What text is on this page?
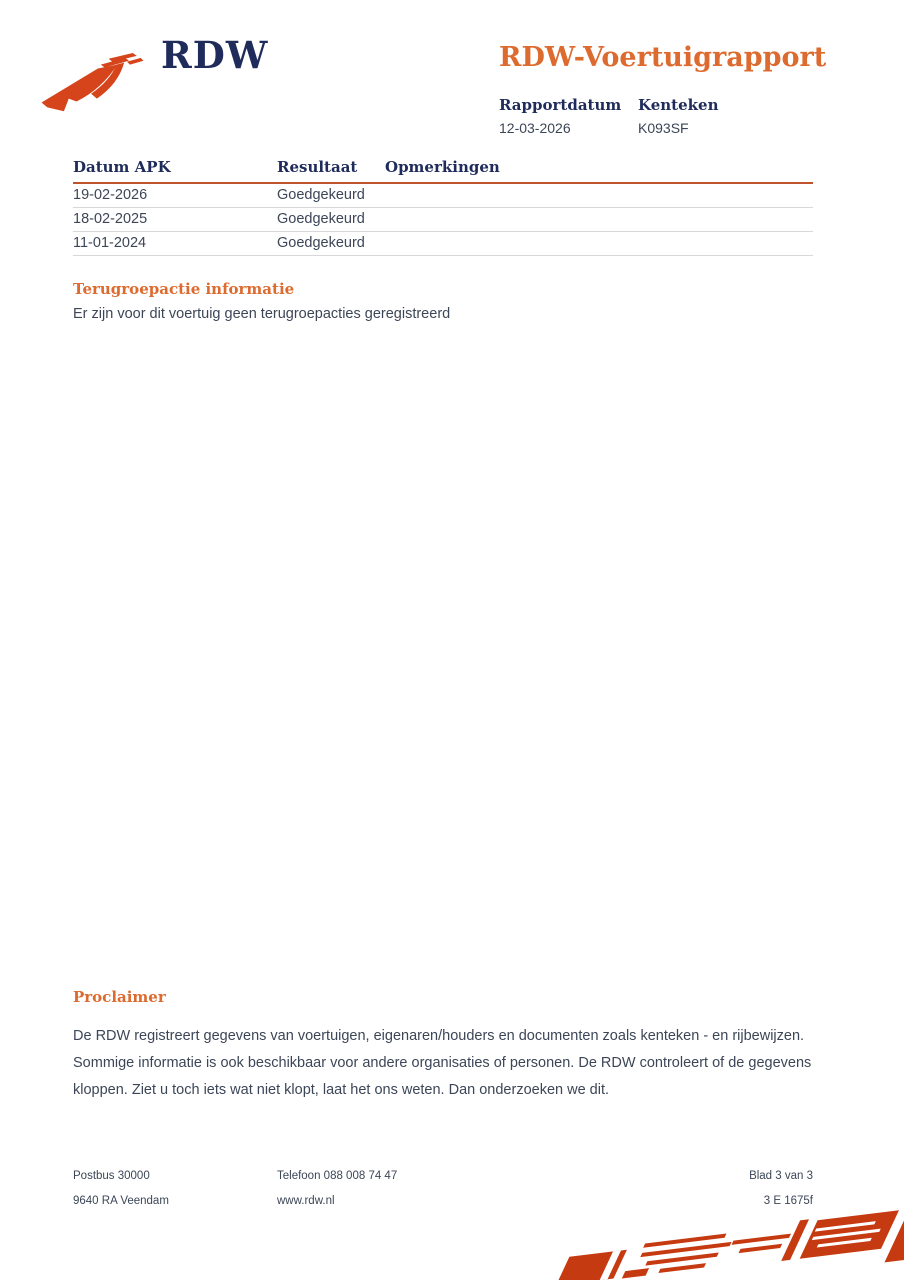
RDW	RDW-Voertuigrapport
Rapportdatum
12-03-2026
Kenteken
K093SF
Datum APK	Resultaat	Opmerkingen
19-02-2026	Goedgekeurd	
18-02-2025	Goedgekeurd	
11-01-2024	Goedgekeurd	
Terugroepactie informatie

Er zijn voor dit voertuig geen terugroepacties geregistreerd

Proclaimer

De RDW registreert gegevens van voertuigen, eigenaren/houders en documenten zoals kenteken - en rijbewijzen. Sommige informatie is ook beschikbaar voor andere organisaties of personen. De RDW controleert of de gegevens kloppen. Ziet u toch iets wat niet klopt, laat het ons weten. Dan onderzoeken we dit.

Postbus 30000	Telefoon 088 008 74 47	Blad 3 van 3
9640 RA Veendam	www.rdw.nl	3 E 1675f
